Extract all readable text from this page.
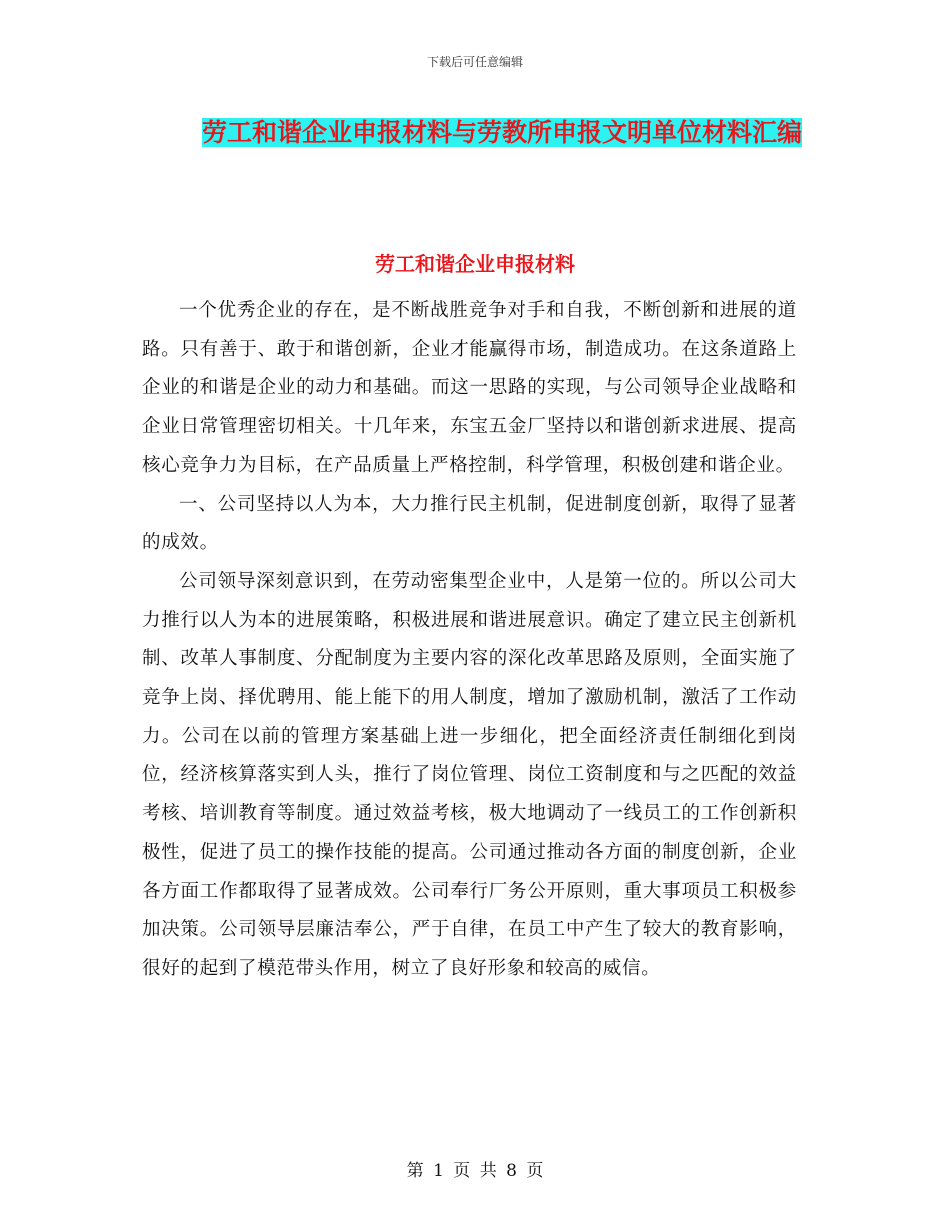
下载后可任意编辑
劳工和谐企业申报材料与劳教所申报文明单位材料汇编
劳工和谐企业申报材料

一个优秀企业的存在，是不断战胜竞争对手和自我，不断创新和进展的道路。只有善于、敢于和谐创新，企业才能赢得市场，制造成功。在这条道路上企业的和谐是企业的动力和基础。而这一思路的实现，与公司领导企业战略和企业日常管理密切相关。十几年来，东宝五金厂坚持以和谐创新求进展、提高核心竞争力为目标，在产品质量上严格控制，科学管理，积极创建和谐企业。

一、公司坚持以人为本，大力推行民主机制，促进制度创新，取得了显著的成效。

公司领导深刻意识到，在劳动密集型企业中，人是第一位的。所以公司大力推行以人为本的进展策略，积极进展和谐进展意识。确定了建立民主创新机制、改革人事制度、分配制度为主要内容的深化改革思路及原则，全面实施了竞争上岗、择优聘用、能上能下的用人制度，增加了激励机制，激活了工作动力。公司在以前的管理方案基础上进一步细化，把全面经济责任制细化到岗位，经济核算落实到人头，推行了岗位管理、岗位工资制度和与之匹配的效益考核、培训教育等制度。通过效益考核，极大地调动了一线员工的工作创新积极性，促进了员工的操作技能的提高。公司通过推动各方面的制度创新，企业各方面工作都取得了显著成效。公司奉行厂务公开原则，重大事项员工积极参加决策。公司领导层廉洁奉公，严于自律，在员工中产生了较大的教育影响，很好的起到了模范带头作用，树立了良好形象和较高的威信。

第 1 页 共 8 页
